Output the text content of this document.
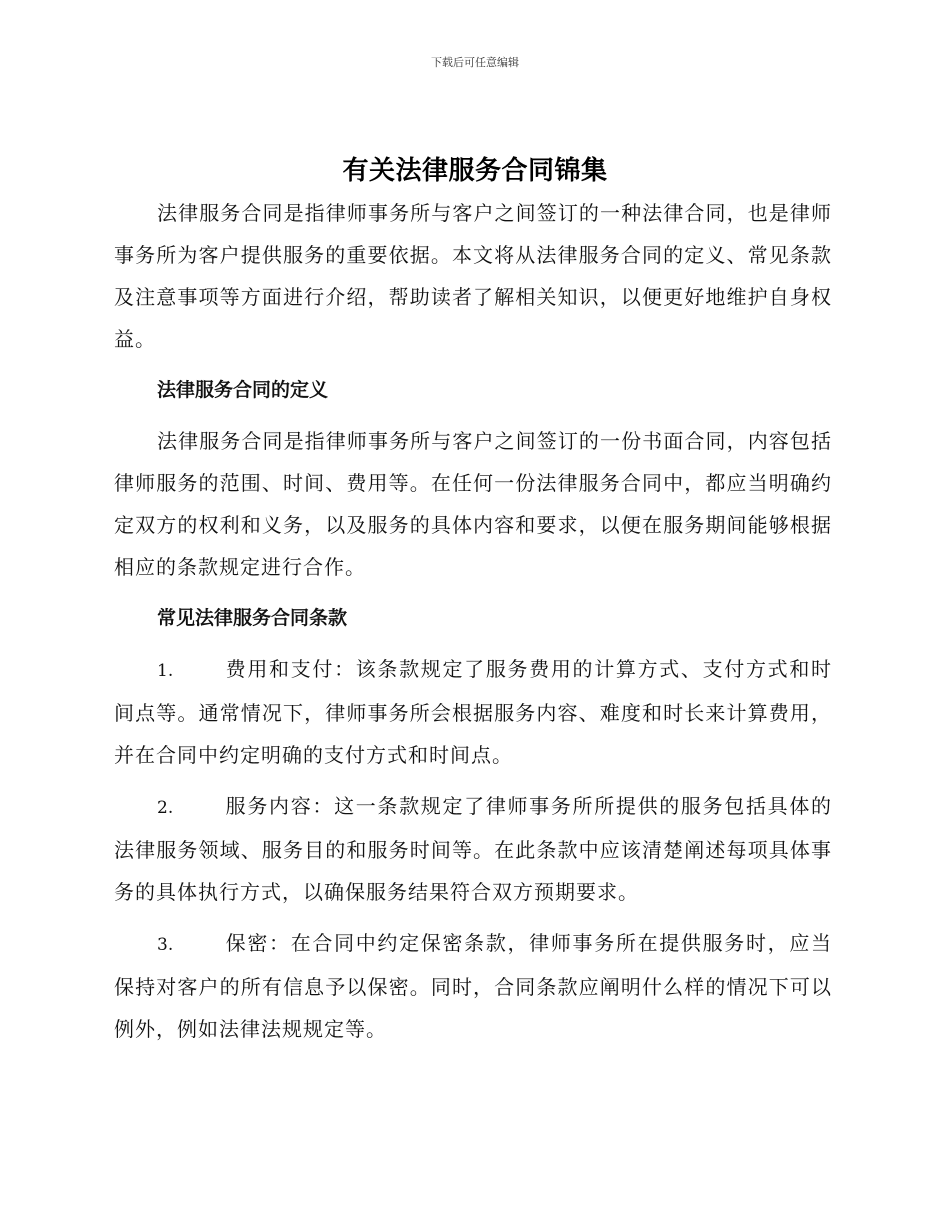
下载后可任意编辑
有关法律服务合同锦集

法律服务合同是指律师事务所与客户之间签订的一种法律合同，也是律师事务所为客户提供服务的重要依据。本文将从法律服务合同的定义、常见条款及注意事项等方面进行介绍，帮助读者了解相关知识，以便更好地维护自身权益。

法律服务合同的定义

法律服务合同是指律师事务所与客户之间签订的一份书面合同，内容包括律师服务的范围、时间、费用等。在任何一份法律服务合同中，都应当明确约定双方的权利和义务，以及服务的具体内容和要求，以便在服务期间能够根据相应的条款规定进行合作。

常见法律服务合同条款

1.	费用和支付：该条款规定了服务费用的计算方式、支付方式和时间点等。通常情况下，律师事务所会根据服务内容、难度和时长来计算费用，并在合同中约定明确的支付方式和时间点。

2.	服务内容：这一条款规定了律师事务所所提供的服务包括具体的法律服务领域、服务目的和服务时间等。在此条款中应该清楚阐述每项具体事务的具体执行方式，以确保服务结果符合双方预期要求。

3.	保密：在合同中约定保密条款，律师事务所在提供服务时，应当保持对客户的所有信息予以保密。同时，合同条款应阐明什么样的情况下可以例外，例如法律法规规定等。
